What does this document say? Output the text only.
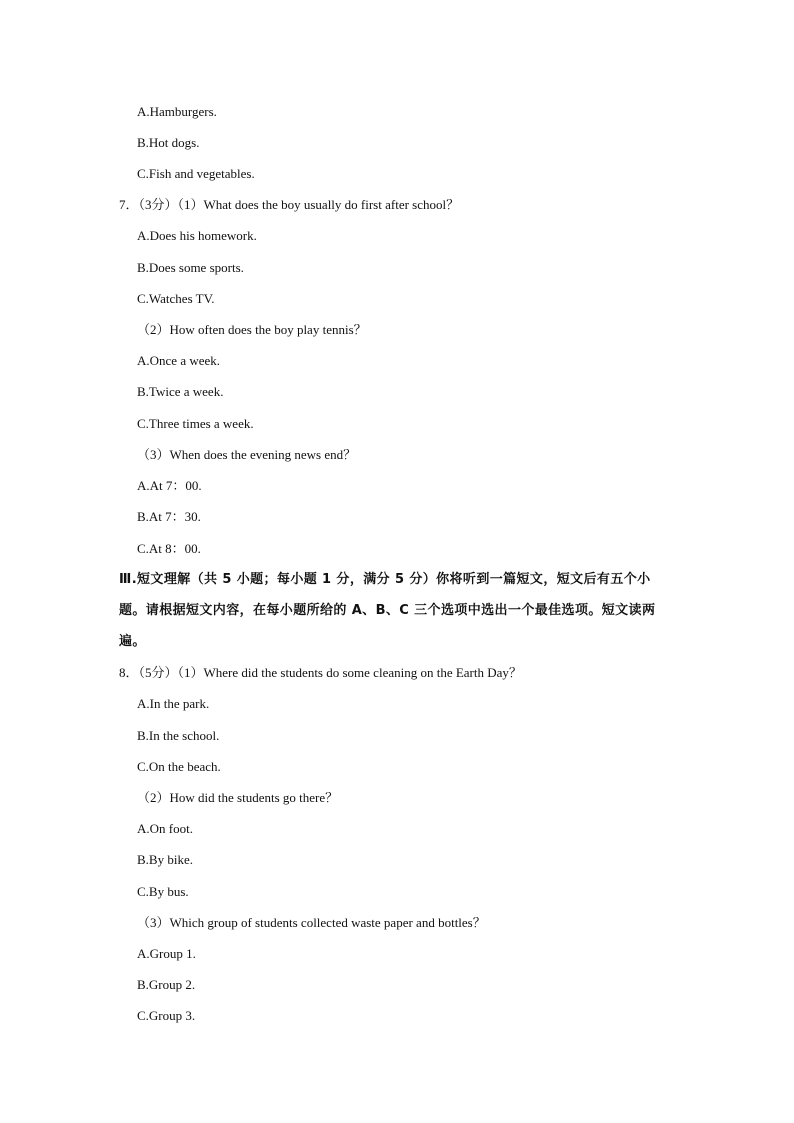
A.Hamburgers.
B.Hot dogs.
C.Fish and vegetables.
7．（3分）（1）What does the boy usually do first after school？
A.Does his homework.
B.Does some sports.
C.Watches TV.
（2）How often does the boy play tennis？
A.Once a week.
B.Twice a week.
C.Three times a week.
（3）When does the evening news end？
A.At 7：00.
B.At 7：30.
C.At 8：00.
Ⅲ.短文理解（共 5 小题；每小题 1 分，满分 5 分）你将听到一篇短文，短文后有五个小
题。请根据短文内容，在每小题所给的 A、B、C 三个选项中选出一个最佳选项。短文读两
遍。
8．（5分）（1）Where did the students do some cleaning on the Earth Day？
A.In the park.
B.In the school.
C.On the beach.
（2）How did the students go there？
A.On foot.
B.By bike.
C.By bus.
（3）Which group of students collected waste paper and bottles？
A.Group 1.
B.Group 2.
C.Group 3.
